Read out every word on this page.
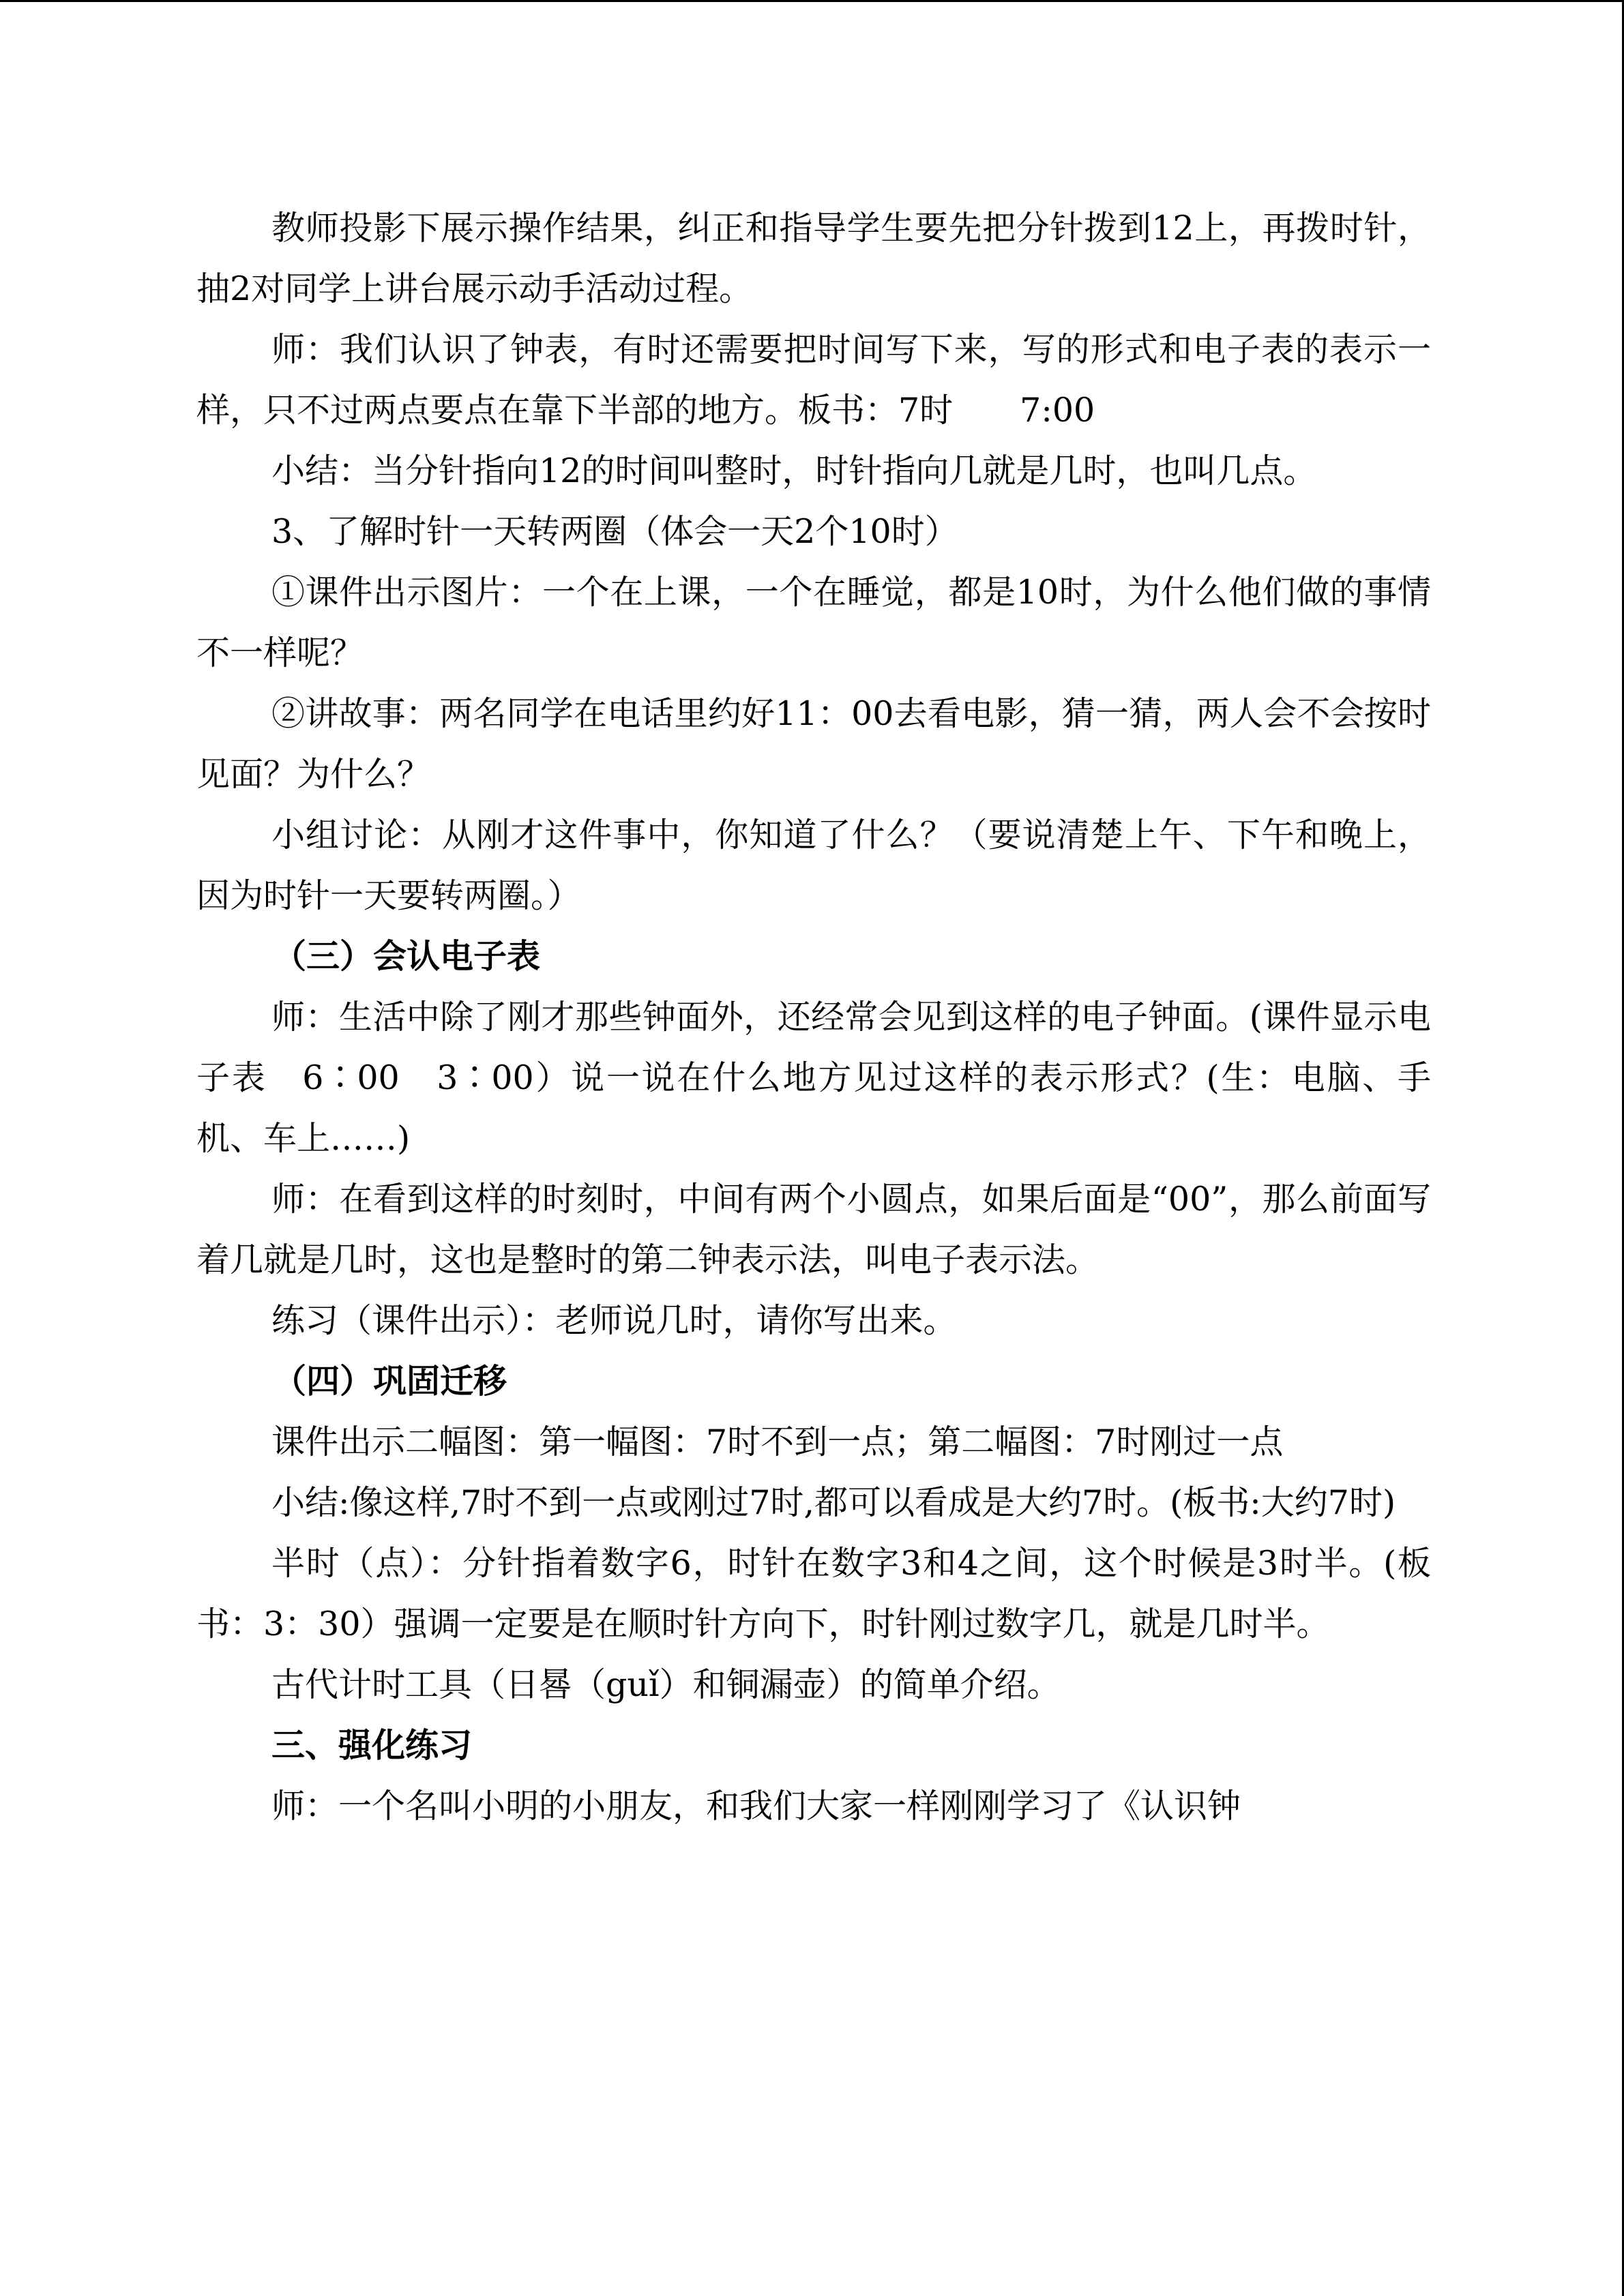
教师投影下展示操作结果，纠正和指导学生要先把分针拨到12上，再拨时针，抽2对同学上讲台展示动手活动过程。

师：我们认识了钟表，有时还需要把时间写下来，写的形式和电子表的表示一样，只不过两点要点在靠下半部的地方。板书：7时　　7:00

小结：当分针指向12的时间叫整时，时针指向几就是几时，也叫几点。

3、了解时针一天转两圈（体会一天2个10时）

①课件出示图片：一个在上课，一个在睡觉，都是10时，为什么他们做的事情不一样呢？

②讲故事：两名同学在电话里约好11：00去看电影，猜一猜，两人会不会按时见面？为什么？

小组讨论：从刚才这件事中，你知道了什么？（要说清楚上午、下午和晚上，因为时针一天要转两圈。）

（三）会认电子表

师：生活中除了刚才那些钟面外，还经常会见到这样的电子钟面。(课件显示电子表　6∶00　3∶00）说一说在什么地方见过这样的表示形式？(生：电脑、手机、车上……)

师：在看到这样的时刻时，中间有两个小圆点，如果后面是“00”，那么前面写着几就是几时，这也是整时的第二钟表示法，叫电子表示法。

练习（课件出示）：老师说几时，请你写出来。

（四）巩固迁移

课件出示二幅图：第一幅图：7时不到一点；第二幅图：7时刚过一点

小结:像这样,7时不到一点或刚过7时,都可以看成是大约7时。(板书:大约7时)

半时（点）：分针指着数字6，时针在数字3和4之间，这个时候是3时半。(板书：3：30）强调一定要是在顺时针方向下，时针刚过数字几，就是几时半。

古代计时工具（日晷（guǐ）和铜漏壶）的简单介绍。

三、强化练习

师：一个名叫小明的小朋友，和我们大家一样刚刚学习了《认识钟
